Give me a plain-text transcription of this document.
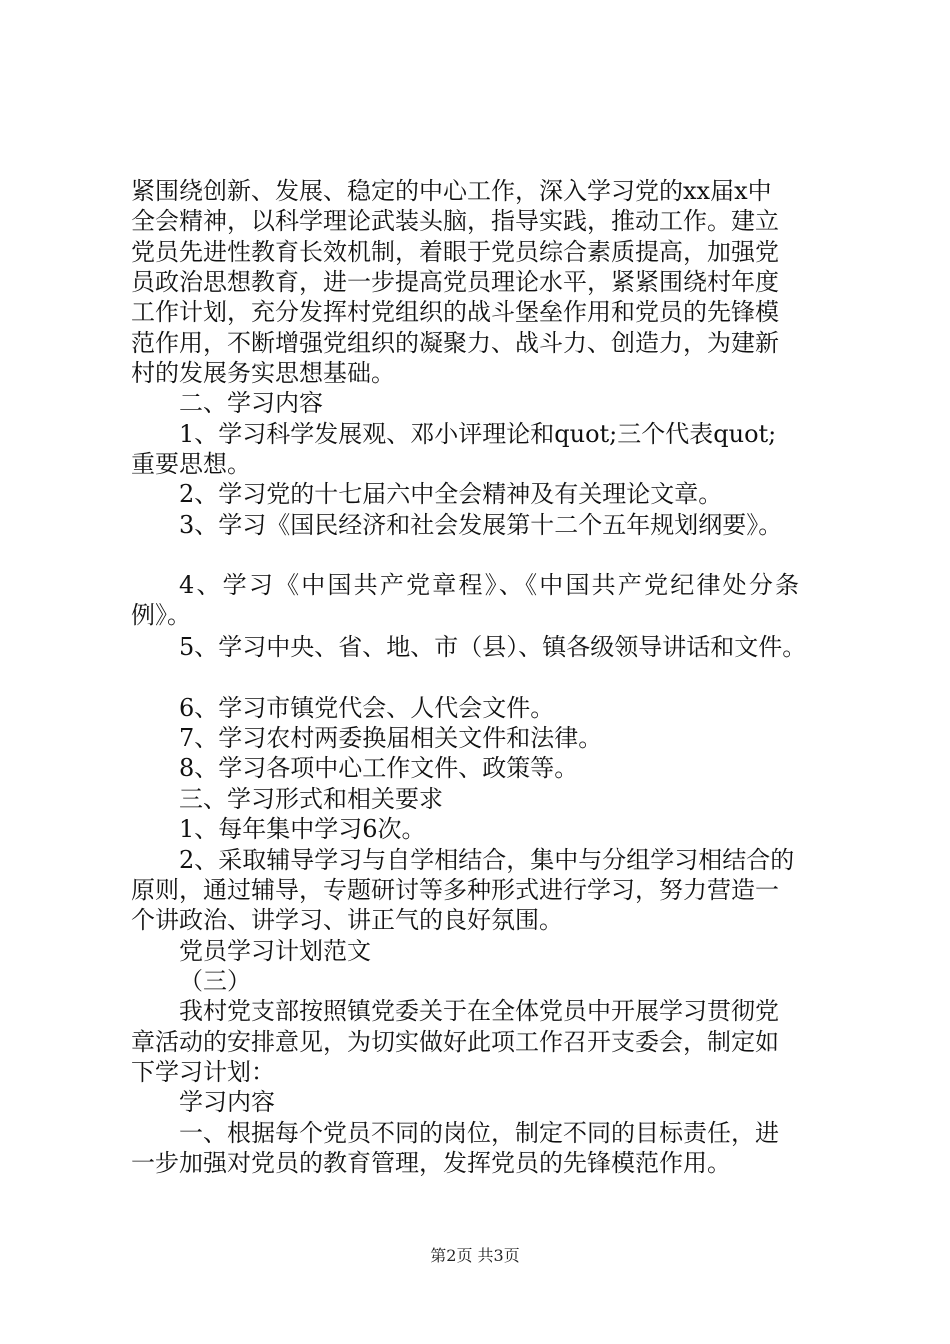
紧围绕创新、发展、稳定的中心工作，深入学习党的xx届x中
全会精神，以科学理论武装头脑，指导实践，推动工作。建立
党员先进性教育长效机制，着眼于党员综合素质提高，加强党
员政治思想教育，进一步提高党员理论水平，紧紧围绕村年度
工作计划，充分发挥村党组织的战斗堡垒作用和党员的先锋模
范作用，不断增强党组织的凝聚力、战斗力、创造力，为建新
村的发展务实思想基础。
二、学习内容
1、学习科学发展观、邓小评理论和quot;三个代表quot;
重要思想。
2、学习党的十七届六中全会精神及有关理论文章。
3、学习《国民经济和社会发展第十二个五年规划纲要》。
4、学习《中国共产党章程》、《中国共产党纪律处分条
例》。
5、学习中央、省、地、市（县）、镇各级领导讲话和文件。
6、学习市镇党代会、人代会文件。
7、学习农村两委换届相关文件和法律。
8、学习各项中心工作文件、政策等。
三、学习形式和相关要求
1、每年集中学习6次。
2、采取辅导学习与自学相结合，集中与分组学习相结合的
原则，通过辅导，专题研讨等多种形式进行学习，努力营造一
个讲政治、讲学习、讲正气的良好氛围。
党员学习计划范文
（三）
我村党支部按照镇党委关于在全体党员中开展学习贯彻党
章活动的安排意见，为切实做好此项工作召开支委会，制定如
下学习计划：
学习内容
一、根据每个党员不同的岗位，制定不同的目标责任，进
一步加强对党员的教育管理，发挥党员的先锋模范作用。
第2页 共3页
